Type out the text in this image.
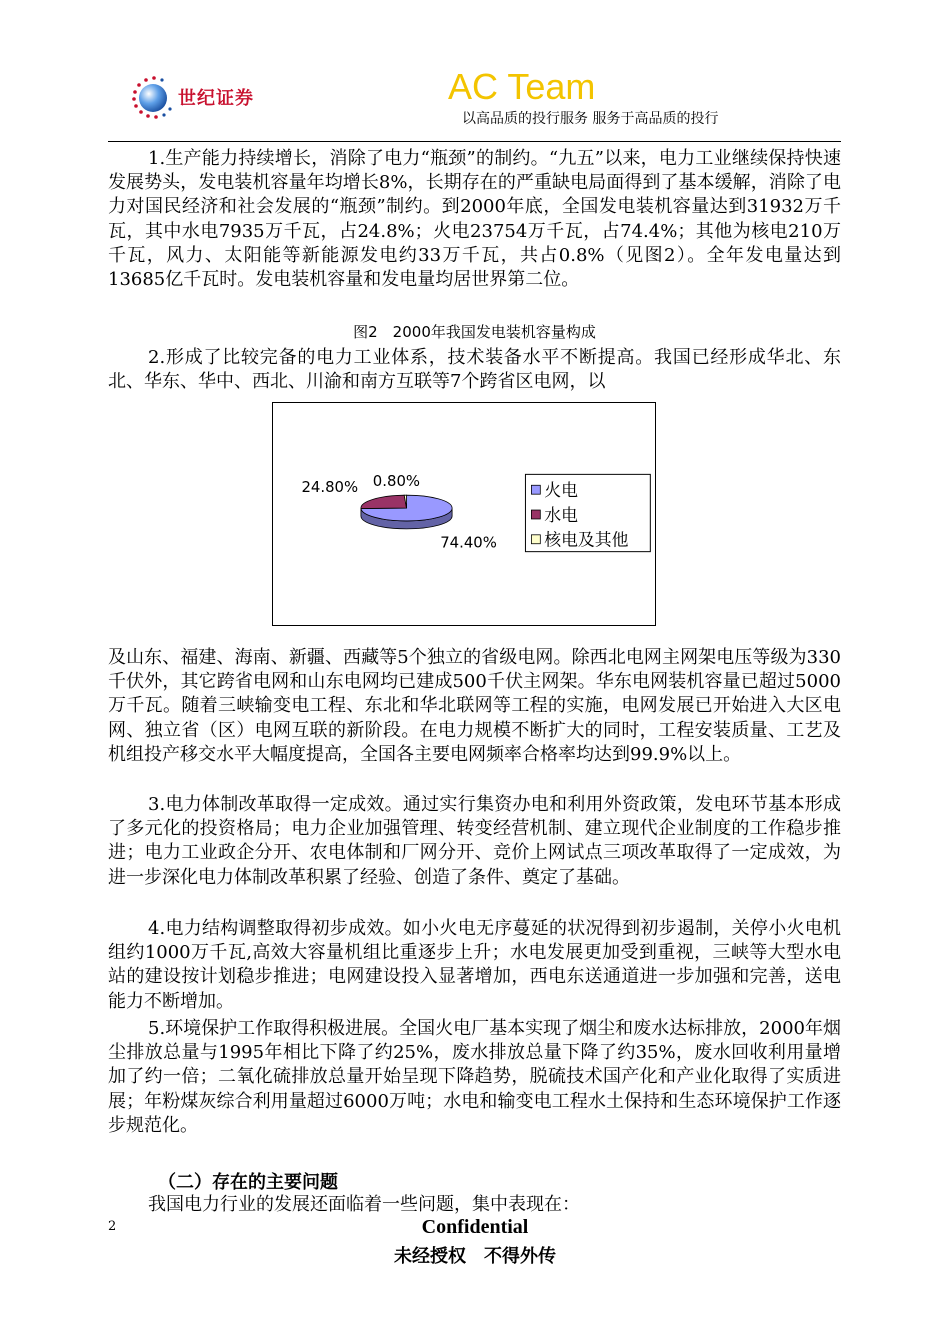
世纪证券	AC Team
以高品质的投行服务 服务于高品质的投行
1.生产能力持续增长，消除了电力“瓶颈”的制约。“九五”以来，电力工业继续保持快速发展势头，发电装机容量年均增长8%，长期存在的严重缺电局面得到了基本缓解，消除了电力对国民经济和社会发展的“瓶颈”制约。到2000年底，全国发电装机容量达到31932万千瓦，其中水电7935万千瓦，占24.8%；火电23754万千瓦，占74.4%；其他为核电210万千瓦，风力、太阳能等新能源发电约33万千瓦，共占0.8%（见图2）。全年发电量达到13685亿千瓦时。发电装机容量和发电量均居世界第二位。
图2　2000年我国发电装机容量构成
2.形成了比较完备的电力工业体系，技术装备水平不断提高。我国已经形成华北、东北、华东、华中、西北、川渝和南方互联等7个跨省区电网，以
74.40%
24.80% 0.80%	火电
水电
核电及其他
及山东、福建、海南、新疆、西藏等5个独立的省级电网。除西北电网主网架电压等级为330千伏外，其它跨省电网和山东电网均已建成500千伏主网架。华东电网装机容量已超过5000万千瓦。随着三峡输变电工程、东北和华北联网等工程的实施，电网发展已开始进入大区电网、独立省（区）电网互联的新阶段。在电力规模不断扩大的同时，工程安装质量、工艺及机组投产移交水平大幅度提高，全国各主要电网频率合格率均达到99.9%以上。
3.电力体制改革取得一定成效。通过实行集资办电和利用外资政策，发电环节基本形成了多元化的投资格局；电力企业加强管理、转变经营机制、建立现代企业制度的工作稳步推进；电力工业政企分开、农电体制和厂网分开、竞价上网试点三项改革取得了一定成效，为进一步深化电力体制改革积累了经验、创造了条件、奠定了基础。
4.电力结构调整取得初步成效。如小火电无序蔓延的状况得到初步遏制，关停小火电机组约1000万千瓦,高效大容量机组比重逐步上升；水电发展更加受到重视，三峡等大型水电站的建设按计划稳步推进；电网建设投入显著增加，西电东送通道进一步加强和完善，送电能力不断增加。
5.环境保护工作取得积极进展。全国火电厂基本实现了烟尘和废水达标排放，2000年烟尘排放总量与1995年相比下降了约25%，废水排放总量下降了约35%，废水回收利用量增加了约一倍；二氧化硫排放总量开始呈现下降趋势，脱硫技术国产化和产业化取得了实质进展；年粉煤灰综合利用量超过6000万吨；水电和输变电工程水土保持和生态环境保护工作逐步规范化。
（二）存在的主要问题
我国电力行业的发展还面临着一些问题，集中表现在：
2	Confidential
未经授权　不得外传
